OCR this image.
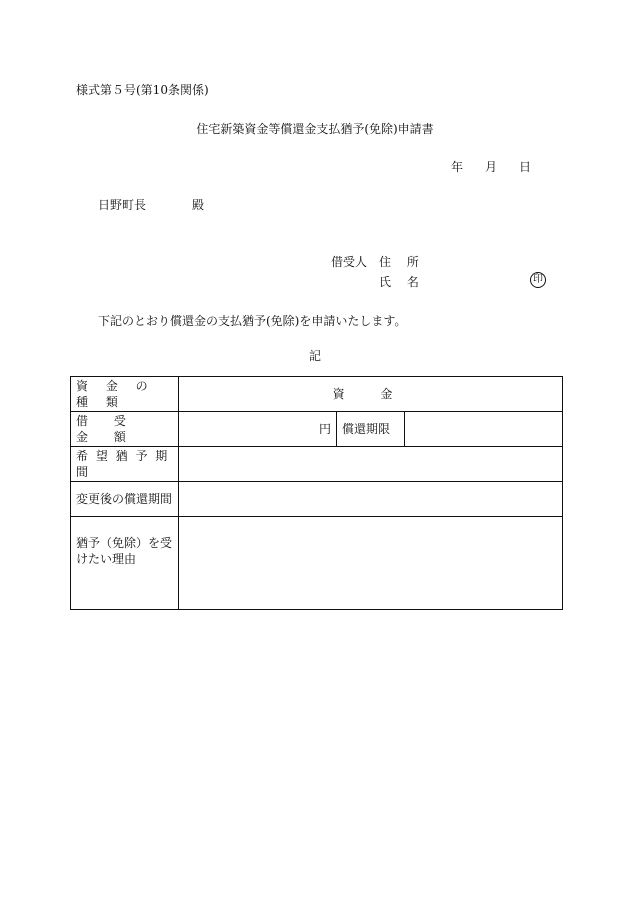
様式第５号(第10条関係)
住宅新築資金等償還金支払猶予(免除)申請書
年 月 日
日野町長	殿
借受人 住 所
氏 名	印
下記のとおり償還金の支払猶予(免除)を申請いたします。
記
資 金 の 種 類	資 金		
借 受 金 額	円	償還期限	
希 望 猶 予 期 間			
変更後の償還期間			

猶予（免除）を受
けたい理由			
